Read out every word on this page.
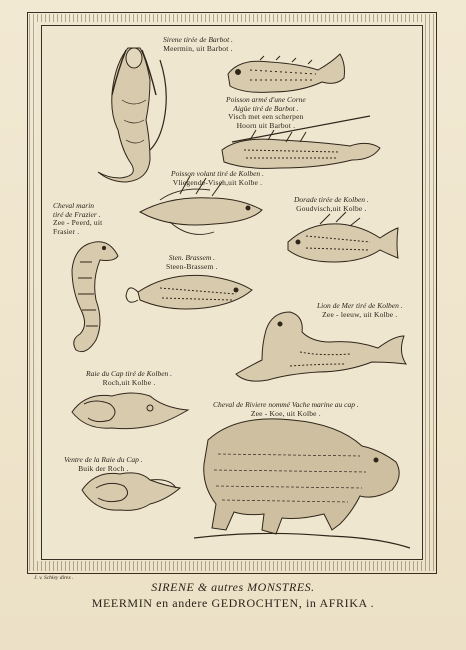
Sirene tirée de Barbot .
Meermin, uit Barbot .
Poisson armé d'une Corne
Aigüe tiré de Barbot .
Visch met een scherpen
Hoorn uit Barbot .
Poisson volant tiré de Kolben .
Vliegende-Visch,uit Kolbe .
Cheval marin
tiré de Frazier .
Zee - Peerd, uit
Frasier .
Dorade tirée de Kolben .
Goudvisch,uit Kolbe .
Sten. Brassem .
Steen-Brassem .
Lion de Mer tiré de Kolben .
Zee - leeuw, uit Kolbe .
Raie du Cap tiré de Kolben .
Roch,uit Kolbe .
Cheval de Riviere nommé Vache marine au cap .
Zee - Koe, uit Kolbe .
Ventre de la Raie du Cap .
Buik der Roch .
J. v. Schley direx .
SIRENE & autres MONSTRES.
MEERMIN en andere GEDROCHTEN, in AFRIKA .
